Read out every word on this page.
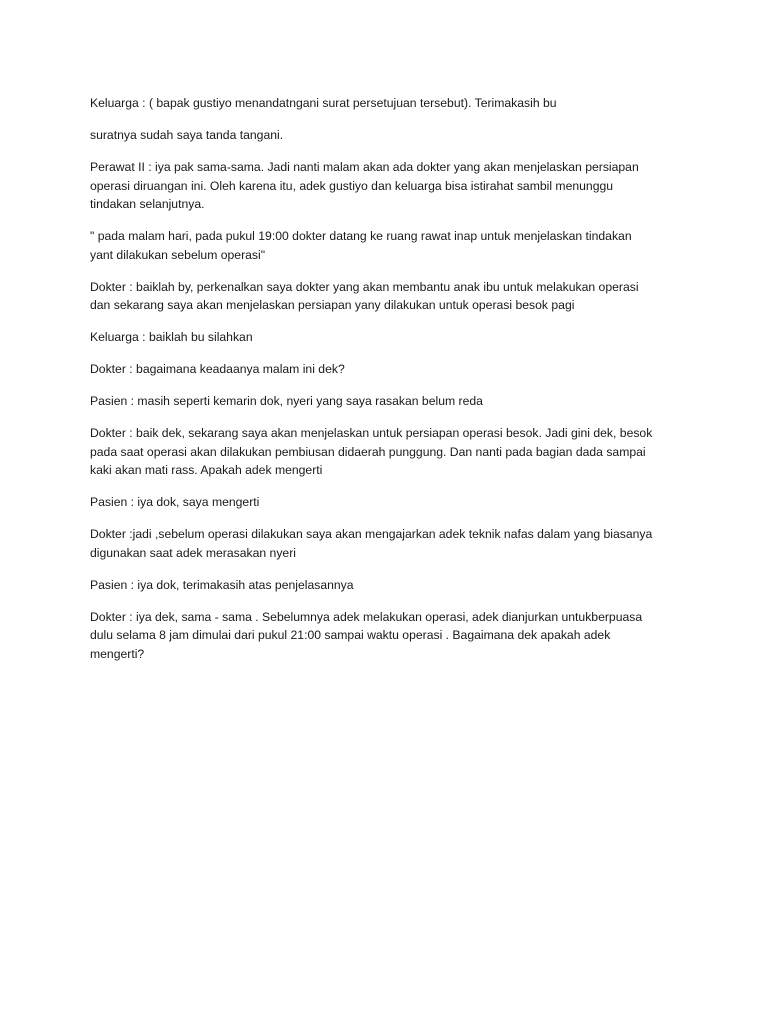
Keluarga : ( bapak gustiyo menandatngani surat persetujuan tersebut). Terimakasih bu

suratnya sudah saya tanda tangani.

Perawat II : iya pak sama-sama. Jadi nanti malam akan ada dokter yang akan menjelaskan persiapan
operasi diruangan ini. Oleh karena itu, adek gustiyo dan keluarga bisa istirahat sambil menunggu
tindakan selanjutnya.

" pada malam hari, pada pukul 19:00 dokter datang ke ruang rawat inap untuk menjelaskan tindakan
yant dilakukan sebelum operasi"

Dokter : baiklah by, perkenalkan saya dokter yang akan membantu anak ibu untuk melakukan operasi
dan sekarang saya akan menjelaskan persiapan yany dilakukan untuk operasi besok pagi

Keluarga : baiklah bu silahkan

Dokter : bagaimana keadaanya malam ini dek?

Pasien : masih seperti kemarin dok, nyeri yang saya rasakan belum reda

Dokter : baik dek, sekarang saya akan menjelaskan untuk persiapan operasi besok. Jadi gini dek, besok
pada saat operasi akan dilakukan pembiusan didaerah punggung. Dan nanti pada bagian dada sampai
kaki akan mati rass. Apakah adek mengerti

Pasien : iya dok, saya mengerti

Dokter :jadi ,sebelum operasi dilakukan saya akan mengajarkan adek teknik nafas dalam yang biasanya
digunakan saat adek merasakan nyeri

Pasien : iya dok, terimakasih atas penjelasannya

Dokter : iya dek, sama - sama . Sebelumnya adek melakukan operasi, adek dianjurkan untukberpuasa
dulu selama 8 jam dimulai dari pukul 21:00 sampai waktu operasi . Bagaimana dek apakah adek
mengerti?
